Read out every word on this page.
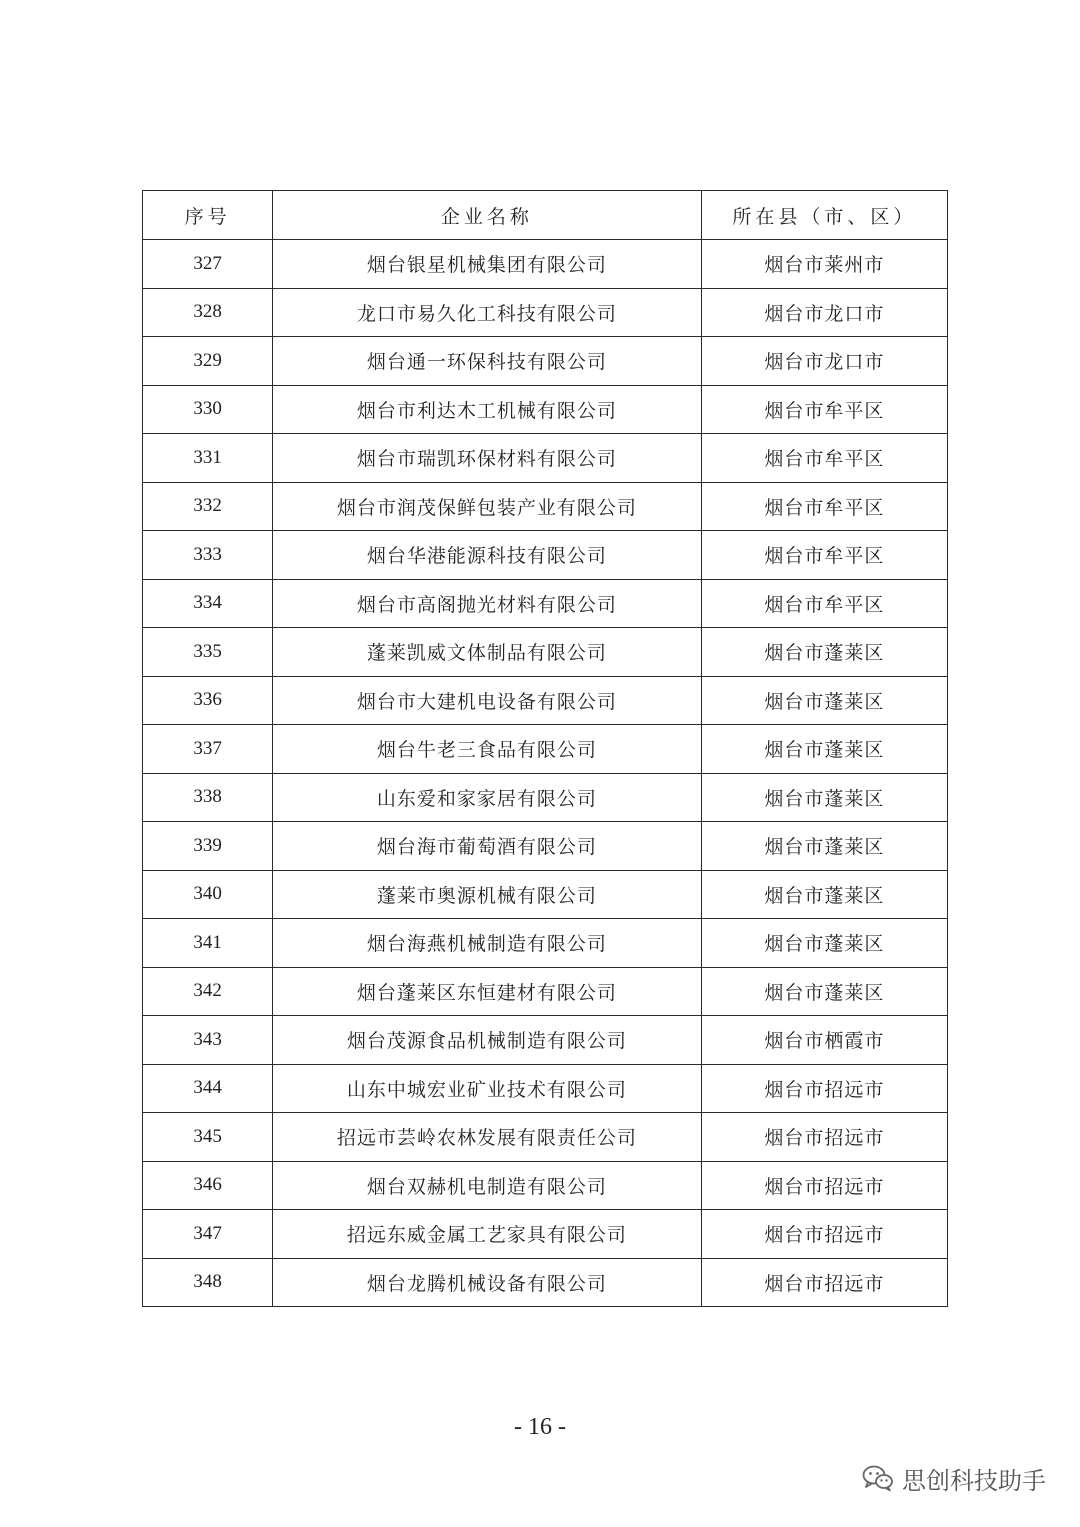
序号	企业名称	所在县（市、区）
327	烟台银星机械集团有限公司	烟台市莱州市
328	龙口市易久化工科技有限公司	烟台市龙口市
329	烟台通一环保科技有限公司	烟台市龙口市
330	烟台市利达木工机械有限公司	烟台市牟平区
331	烟台市瑞凯环保材料有限公司	烟台市牟平区
332	烟台市润茂保鲜包装产业有限公司	烟台市牟平区
333	烟台华港能源科技有限公司	烟台市牟平区
334	烟台市高阁抛光材料有限公司	烟台市牟平区
335	蓬莱凯威文体制品有限公司	烟台市蓬莱区
336	烟台市大建机电设备有限公司	烟台市蓬莱区
337	烟台牛老三食品有限公司	烟台市蓬莱区
338	山东爱和家家居有限公司	烟台市蓬莱区
339	烟台海市葡萄酒有限公司	烟台市蓬莱区
340	蓬莱市奥源机械有限公司	烟台市蓬莱区
341	烟台海燕机械制造有限公司	烟台市蓬莱区
342	烟台蓬莱区东恒建材有限公司	烟台市蓬莱区
343	烟台茂源食品机械制造有限公司	烟台市栖霞市
344	山东中城宏业矿业技术有限公司	烟台市招远市
345	招远市芸岭农林发展有限责任公司	烟台市招远市
346	烟台双赫机电制造有限公司	烟台市招远市
347	招远东威金属工艺家具有限公司	烟台市招远市
348	烟台龙腾机械设备有限公司	烟台市招远市
- 16 -
思创科技助手
